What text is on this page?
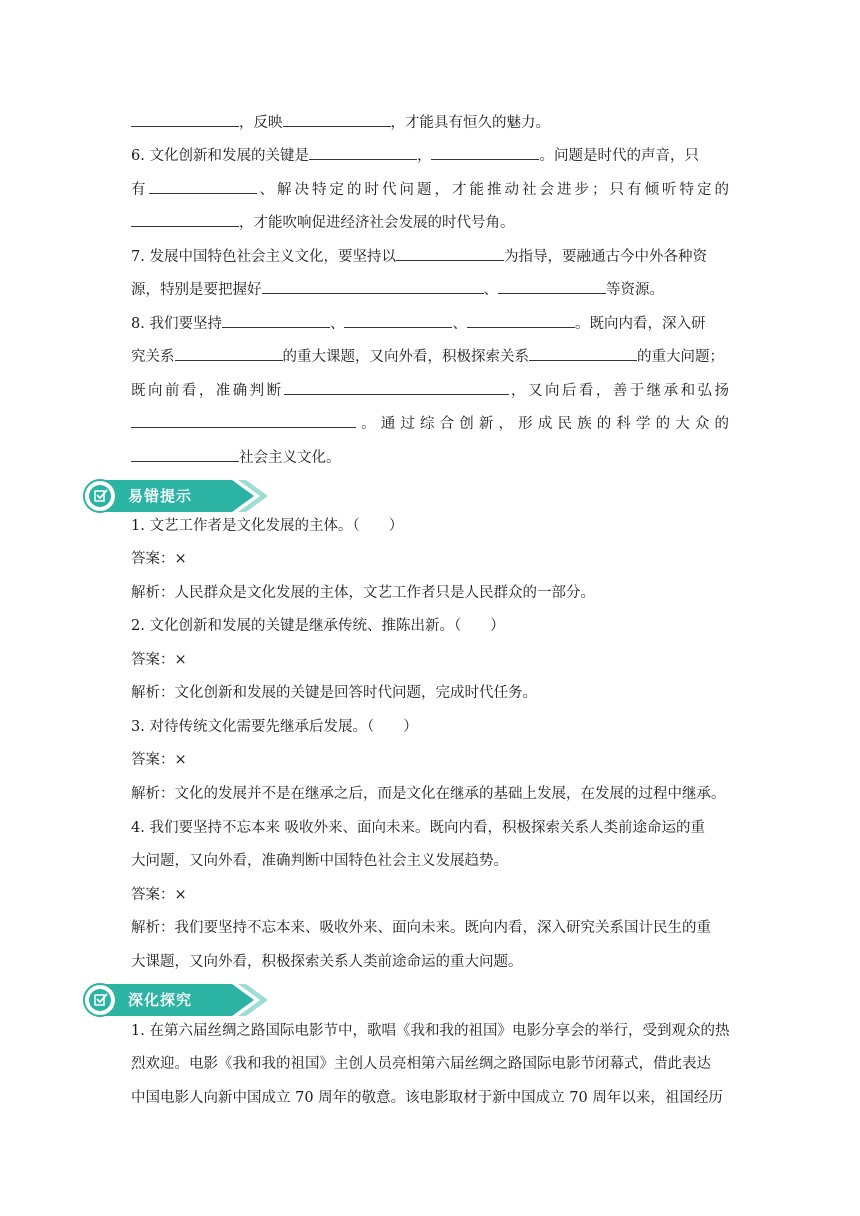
，反映	，才能具有恒久的魅力。
6. 文化创新和发展的关键是	，	。问题是时代的声音，只
有	、解决特定的时代问题，才能推动社会进步；只有倾听特定的
，才能吹响促进经济社会发展的时代号角。
7. 发展中国特色社会主义文化，要坚持以	为指导，要融通古今中外各种资
源，特别是要把握好	、	等资源。
8. 我们要坚持	、	、	。既向内看，深入研
究关系	的重大课题，又向外看，积极探索关系	的重大问题；
既向前看，准确判断	，又向后看，善于继承和弘扬
。通过综合创新，形成民族的科学的大众的
社会主义文化。
1. 文艺工作者是文化发展的主体。（　　）
答案：×
解析：人民群众是文化发展的主体，文艺工作者只是人民群众的一部分。
2. 文化创新和发展的关键是继承传统、推陈出新。（　　）
答案：×
解析：文化创新和发展的关键是回答时代问题，完成时代任务。
3. 对待传统文化需要先继承后发展。（　　）
答案：×
解析：文化的发展并不是在继承之后，而是文化在继承的基础上发展，在发展的过程中继承。
4. 我们要坚持不忘本来 吸收外来、面向未来。既向内看，积极探索关系人类前途命运的重
大问题，又向外看，准确判断中国特色社会主义发展趋势。
答案：×
解析：我们要坚持不忘本来、吸收外来、面向未来。既向内看，深入研究关系国计民生的重
大课题，又向外看，积极探索关系人类前途命运的重大问题。
1. 在第六届丝绸之路国际电影节中，歌唱《我和我的祖国》电影分享会的举行，受到观众的热
烈欢迎。电影《我和我的祖国》主创人员亮相第六届丝绸之路国际电影节闭幕式，借此表达
中国电影人向新中国成立 70 周年的敬意。该电影取材于新中国成立 70 周年以来，祖国经历
易错提示
深化探究
